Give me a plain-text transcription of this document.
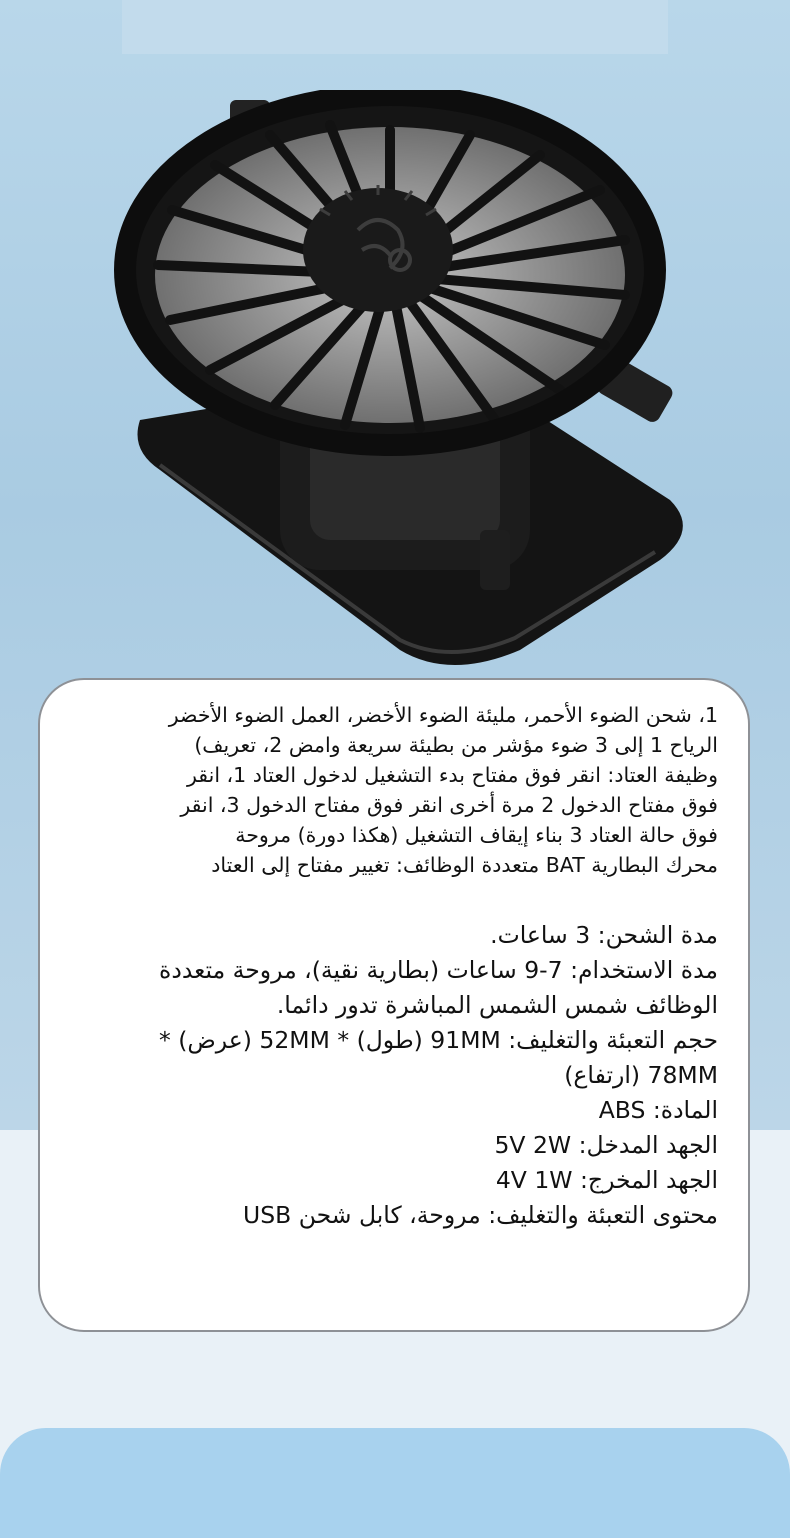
1، شحن الضوء الأحمر، مليئة الضوء الأخضر، العمل الضوء الأخضر
الرياح 1 إلى 3 ضوء مؤشر من بطيئة سريعة وامض 2، تعريف)
وظيفة العتاد: انقر فوق مفتاح بدء التشغيل لدخول العتاد 1، انقر
فوق مفتاح الدخول 2 مرة أخرى انقر فوق مفتاح الدخول 3، انقر
فوق حالة العتاد 3 بناء إيقاف التشغيل (هكذا دورة) مروحة
محرك البطارية BAT متعددة الوظائف: تغيير مفتاح إلى العتاد
مدة الشحن: 3 ساعات.
مدة الاستخدام: 7-9 ساعات (بطارية نقية)، مروحة متعددة
الوظائف شمس الشمس المباشرة تدور دائما.
حجم التعبئة والتغليف: 91MM (طول) * 52MM (عرض) *
78MM (ارتفاع)
المادة: ABS
الجهد المدخل: 5V 2W
الجهد المخرج: 4V 1W
محتوى التعبئة والتغليف: مروحة، كابل شحن USB
